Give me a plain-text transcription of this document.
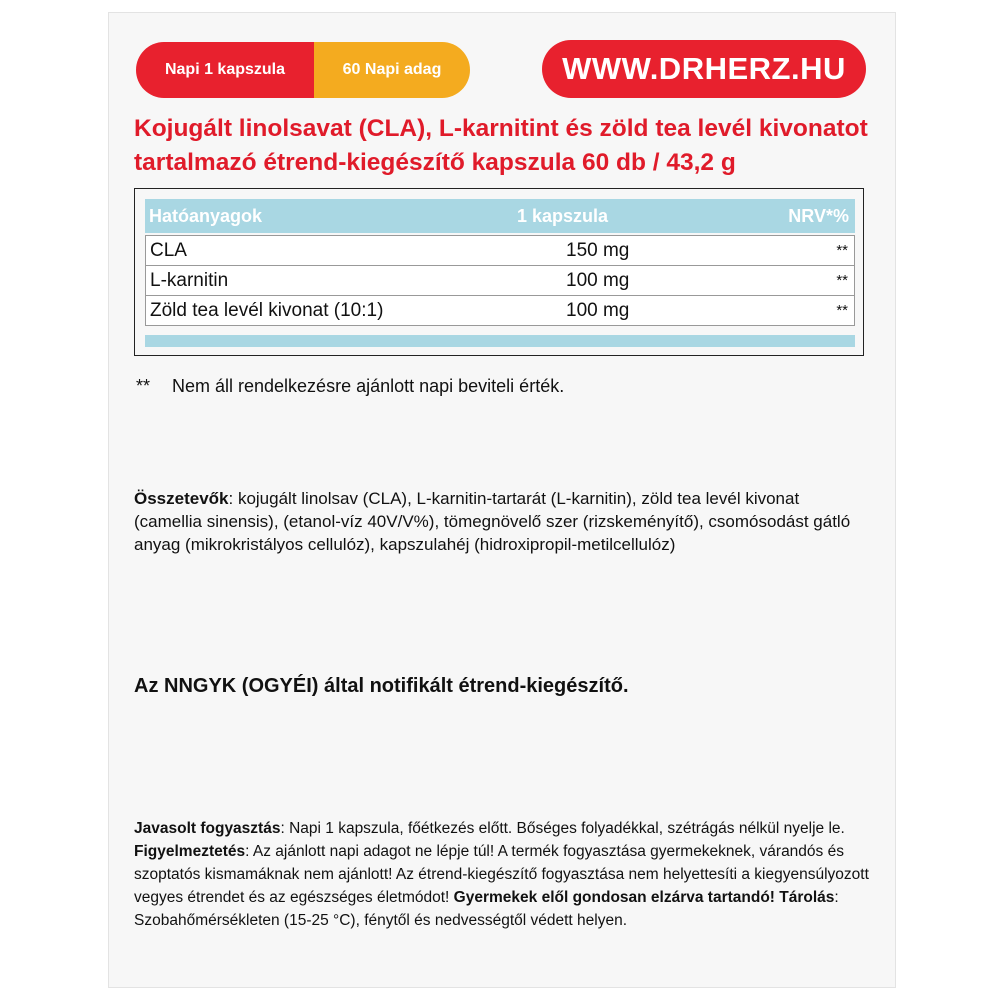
Napi 1 kapszula	60 Napi adag	WWW.DRHERZ.HU
Kojugált linolsavat (CLA), L-karnitint és zöld tea levél kivonatot
tartalmazó étrend-kiegészítő kapszula 60 db / 43,2 g
Hatóanyagok	1 kapszula	NRV*%
CLA	150 mg	**
L-karnitin	100 mg	**
Zöld tea levél kivonat (10:1)	100 mg	**
**	Nem áll rendelkezésre ajánlott napi beviteli érték.

Összetevők: kojugált linolsav (CLA), L-karnitin-tartarát (L-karnitin), zöld tea levél kivonat (camellia sinensis), (etanol-víz 40V/V%), tömegnövelő szer (rizskeményítő), csomósodást gátló anyag (mikrokristályos cellulóz), kapszulahéj (hidroxipropil-metilcellulóz)

Az NNGYK (OGYÉI) által notifikált étrend-kiegészítő.

Javasolt fogyasztás: Napi 1 kapszula, főétkezés előtt. Bőséges folyadékkal, szétrágás nélkül nyelje le. Figyelmeztetés: Az ajánlott napi adagot ne lépje túl! A termék fogyasztása gyermekeknek, várandós és szoptatós kismamáknak nem ajánlott! Az étrend-kiegészítő fogyasztása nem helyettesíti a kiegyensúlyozott vegyes étrendet és az egészséges életmódot! Gyermekek elől gondosan elzárva tartandó! Tárolás: Szobahőmérsékleten (15-25 °C), fénytől és nedvességtől védett helyen.
